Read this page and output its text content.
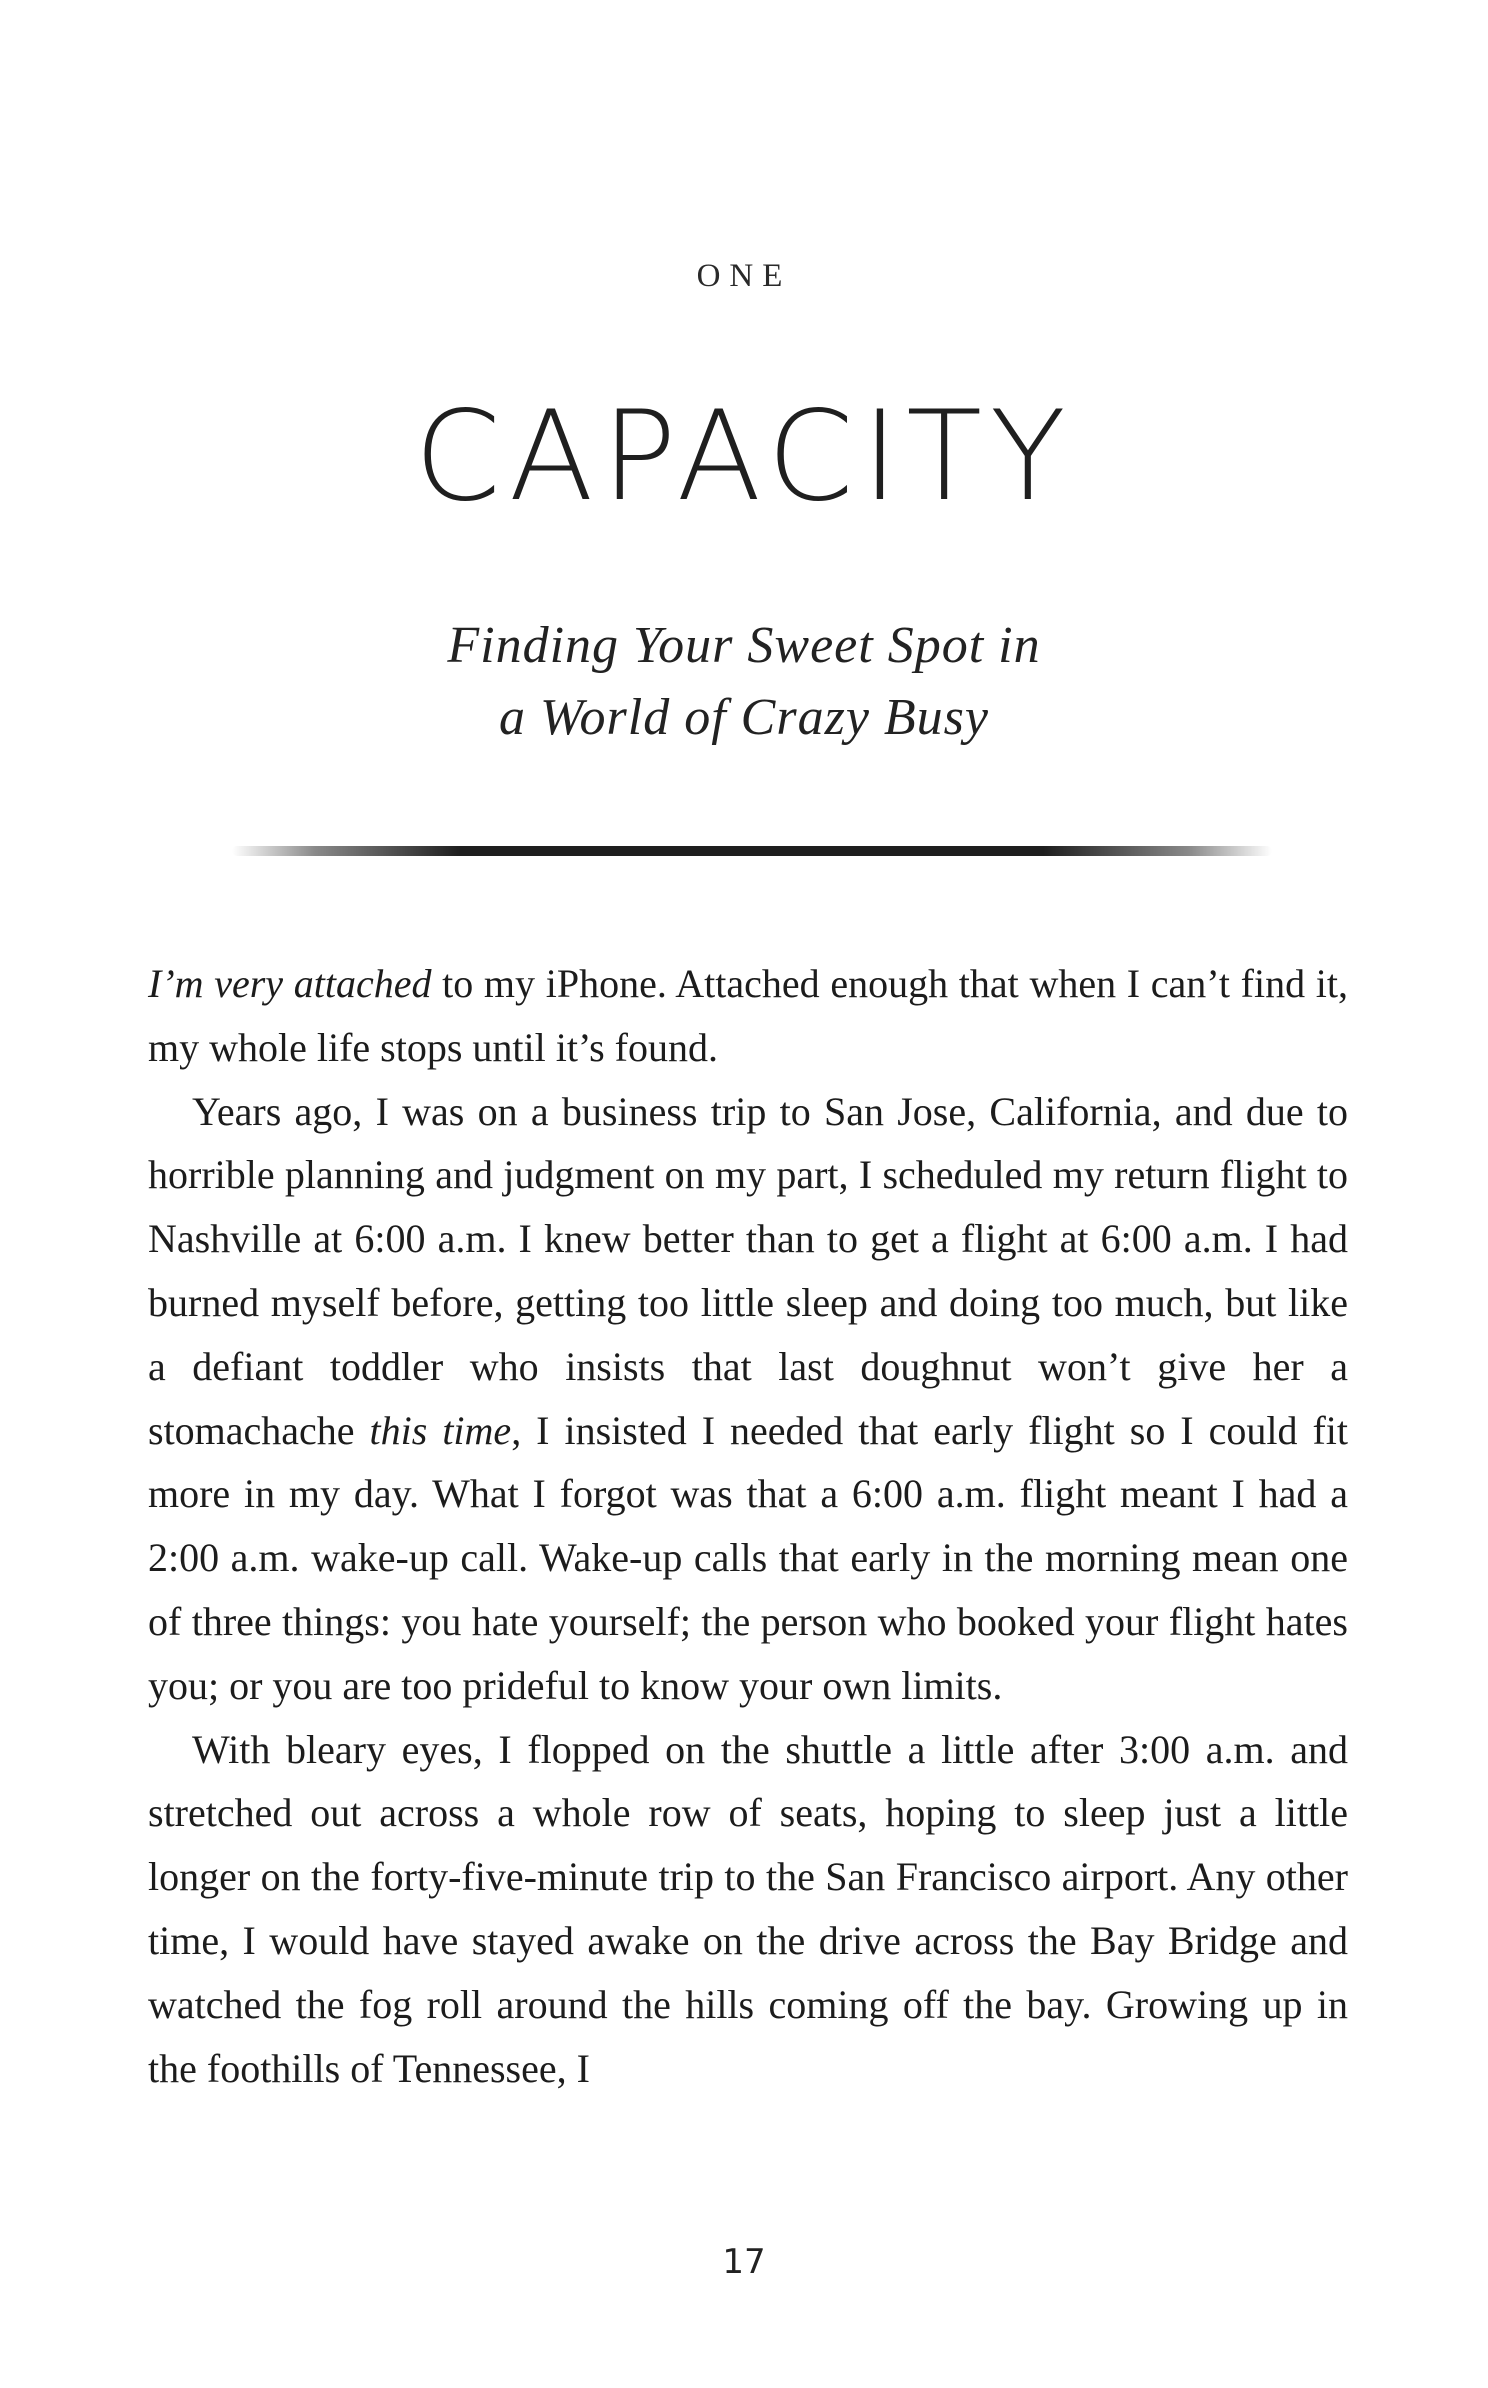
ONE
CAPACITY
Finding Your Sweet Spot in
a World of Crazy Busy

I’m very attached to my iPhone. Attached enough that when I can’t find it, my whole life stops until it’s found.

Years ago, I was on a business trip to San Jose, California, and due to horrible planning and judgment on my part, I scheduled my return flight to Nashville at 6:00 a.m. I knew better than to get a flight at 6:00 a.m. I had burned myself before, getting too little sleep and doing too much, but like a defiant toddler who insists that last doughnut won’t give her a stomachache this time, I insisted I needed that early flight so I could fit more in my day. What I forgot was that a 6:00 a.m. flight meant I had a 2:00 a.m. wake-up call. Wake-up calls that early in the morning mean one of three things: you hate yourself; the person who booked your flight hates you; or you are too prideful to know your own limits.

With bleary eyes, I flopped on the shuttle a little after 3:00 a.m. and stretched out across a whole row of seats, hoping to sleep just a little longer on the forty-five-minute trip to the San Francisco airport. Any other time, I would have stayed awake on the drive across the Bay Bridge and watched the fog roll around the hills coming off the bay. Growing up in the foothills of Tennessee, I

17
